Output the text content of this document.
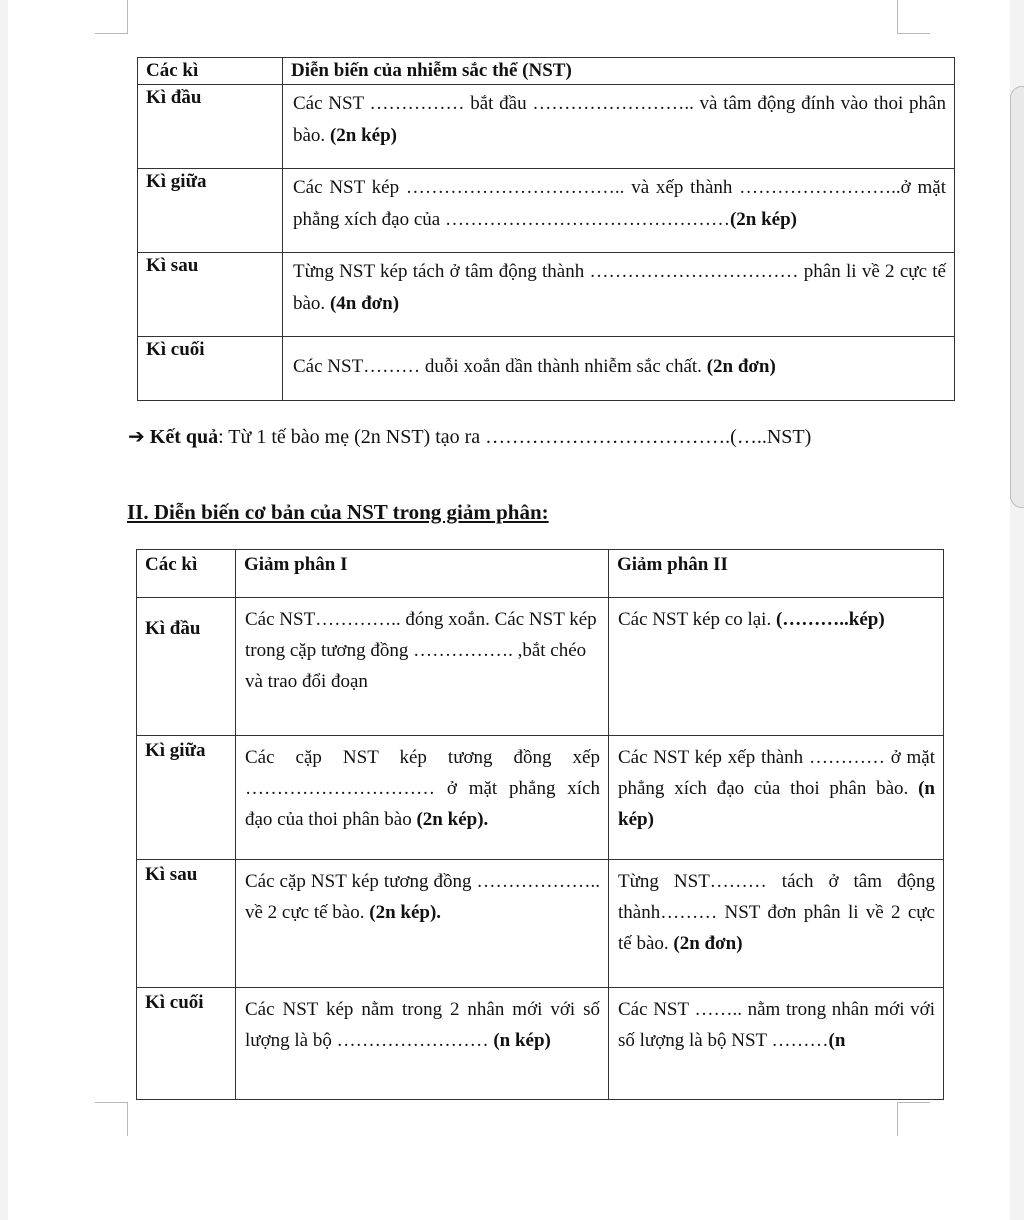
Các kì	Diễn biến của nhiễm sắc thể (NST)
Kì đầu	Các NST …………… bắt đầu …………………….. và tâm động đính vào thoi phân bào. (2n kép)
Kì giữa	Các NST kép …………………………….. và xếp thành ……………………..ở mặt phẳng xích đạo của ………………………………………(2n kép)
Kì sau	Từng NST kép tách ở tâm động thành …………………………… phân li về 2 cực tế bào. (4n đơn)
Kì cuối	Các NST……… duỗi xoắn dần thành nhiễm sắc chất. (2n đơn)
➔ Kết quả: Từ 1 tế bào mẹ (2n NST) tạo ra ……………………………….(…..NST)
II. Diễn biến cơ bản của NST trong giảm phân:
Các kì	Giảm phân I	Giảm phân II
Kì đầu	Các NST………….. đóng xoắn. Các NST kép trong cặp tương đồng ……………. ,bắt chéo và trao đổi đoạn	Các NST kép co lại. (………..kép)
Kì giữa	Các cặp NST kép tương đồng xếp ………………………… ở mặt phẳng xích đạo của thoi phân bào (2n kép).	Các NST kép xếp thành ………… ở mặt phẳng xích đạo của thoi phân bào. (n kép)
Kì sau	Các cặp NST kép tương đồng ……………….. về 2 cực tế bào. (2n kép).	Từng NST……… tách ở tâm động thành……… NST đơn phân li về 2 cực tế bào. (2n đơn)
Kì cuối	Các NST kép nằm trong 2 nhân mới với số lượng là bộ …………………… (n kép)	Các NST …….. nằm trong nhân mới với số lượng là bộ NST ………(n
